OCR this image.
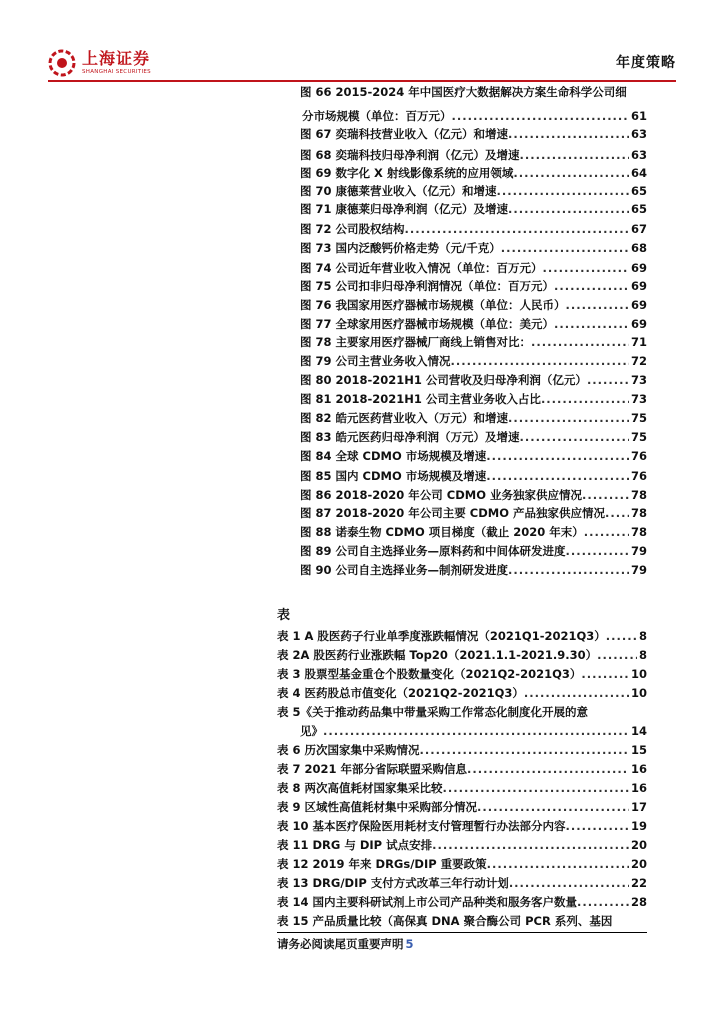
上海证券
SHANGHAI SECURITIES
年度策略
图 66 2015-2024 年中国医疗大数据解决方案生命科学公司细
分市场规模（单位：百万元） .....	61
图 67 奕瑞科技营业收入（亿元）和增速 .....	63
图 68 奕瑞科技归母净利润（亿元）及增速 .....	63
图 69 数字化 X 射线影像系统的应用领域 .....	64
图 70 康德莱营业收入（亿元）和增速 .....	65
图 71 康德莱归母净利润（亿元）及增速 .....	65
图 72 公司股权结构 .....	67
图 73 国内泛酸钙价格走势（元/千克） .....	68
图 74 公司近年营业收入情况（单位：百万元） .....	69
图 75 公司扣非归母净利润情况（单位：百万元） .....	69
图 76 我国家用医疗器械市场规模（单位：人民币） .....	69
图 77 全球家用医疗器械市场规模（单位：美元） .....	69
图 78 主要家用医疗器械厂商线上销售对比： .....	71
图 79 公司主营业务收入情况 .....	72
图 80 2018-2021H1 公司营收及归母净利润（亿元） .....	73
图 81 2018-2021H1 公司主营业务收入占比 .....	73
图 82 皓元医药营业收入（万元）和增速 .....	75
图 83 皓元医药归母净利润（万元）及增速 .....	75
图 84 全球 CDMO 市场规模及增速 .....	76
图 85 国内 CDMO 市场规模及增速 .....	76
图 86 2018-2020 年公司 CDMO 业务独家供应情况 .....	78
图 87 2018-2020 年公司主要 CDMO 产品独家供应情况 ..... 78
图 88 诺泰生物 CDMO 项目梯度（截止 2020 年末） .....	78
图 89 公司自主选择业务—原料药和中间体研发进度 .....	79
图 90 公司自主选择业务—制剂研发进度 .....	79
表
表 1 A 股医药子行业单季度涨跌幅情况（2021Q1-2021Q3） .....	8
表 2A 股医药行业涨跌幅 Top20（2021.1.1-2021.9.30） .....	8
表 3 股票型基金重仓个股数量变化（2021Q2-2021Q3） .....	10
表 4 医药股总市值变化（2021Q2-2021Q3） .....	10
表 5《关于推动药品集中带量采购工作常态化制度化开展的意
见》 .....	14
表 6 历次国家集中采购情况 .....	15
表 7 2021 年部分省际联盟采购信息 .....	16
表 8 两次高值耗材国家集采比较 .....	16
表 9 区域性高值耗材集中采购部分情况 .....	17
表 10 基本医疗保险医用耗材支付管理暂行办法部分内容 .....	19
表 11 DRG 与 DIP 试点安排 .....	20
表 12 2019 年来 DRGs/DIP 重要政策 .....	20
表 13 DRG/DIP 支付方式改革三年行动计划 .....	22
表 14 国内主要科研试剂上市公司产品种类和服务客户数量 .....	28
表 15 产品质量比较（高保真 DNA 聚合酶公司 PCR 系列、基因
请务必阅读尾页重要声明 5
